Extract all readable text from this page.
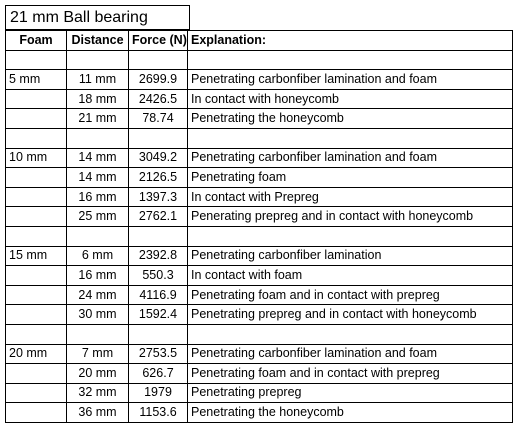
21 mm Ball bearing
Foam	Distance	Force (N)	Explanation:

5 mm	11 mm	2699.9	Penetrating carbonfiber lamination and foam
	18 mm	2426.5	In contact with honeycomb
	21 mm	78.74	Penetrating the honeycomb

10 mm	14 mm	3049.2	Penetrating carbonfiber lamination and foam
	14 mm	2126.5	Penetrating foam
	16 mm	1397.3	In contact with Prepreg
	25 mm	2762.1	Penerating prepreg and in contact with honeycomb

15 mm	6 mm	2392.8	Penetrating carbonfiber lamination
	16 mm	550.3	In contact with foam
	24 mm	4116.9	Penetrating foam and in contact with prepreg
	30 mm	1592.4	Penetrating prepreg and in contact with honeycomb

20 mm	7 mm	2753.5	Penetrating carbonfiber lamination and foam
	20 mm	626.7	Penetrating foam and in contact with prepreg
	32 mm	1979	Penetrating prepreg
	36 mm	1153.6	Penetrating the honeycomb
